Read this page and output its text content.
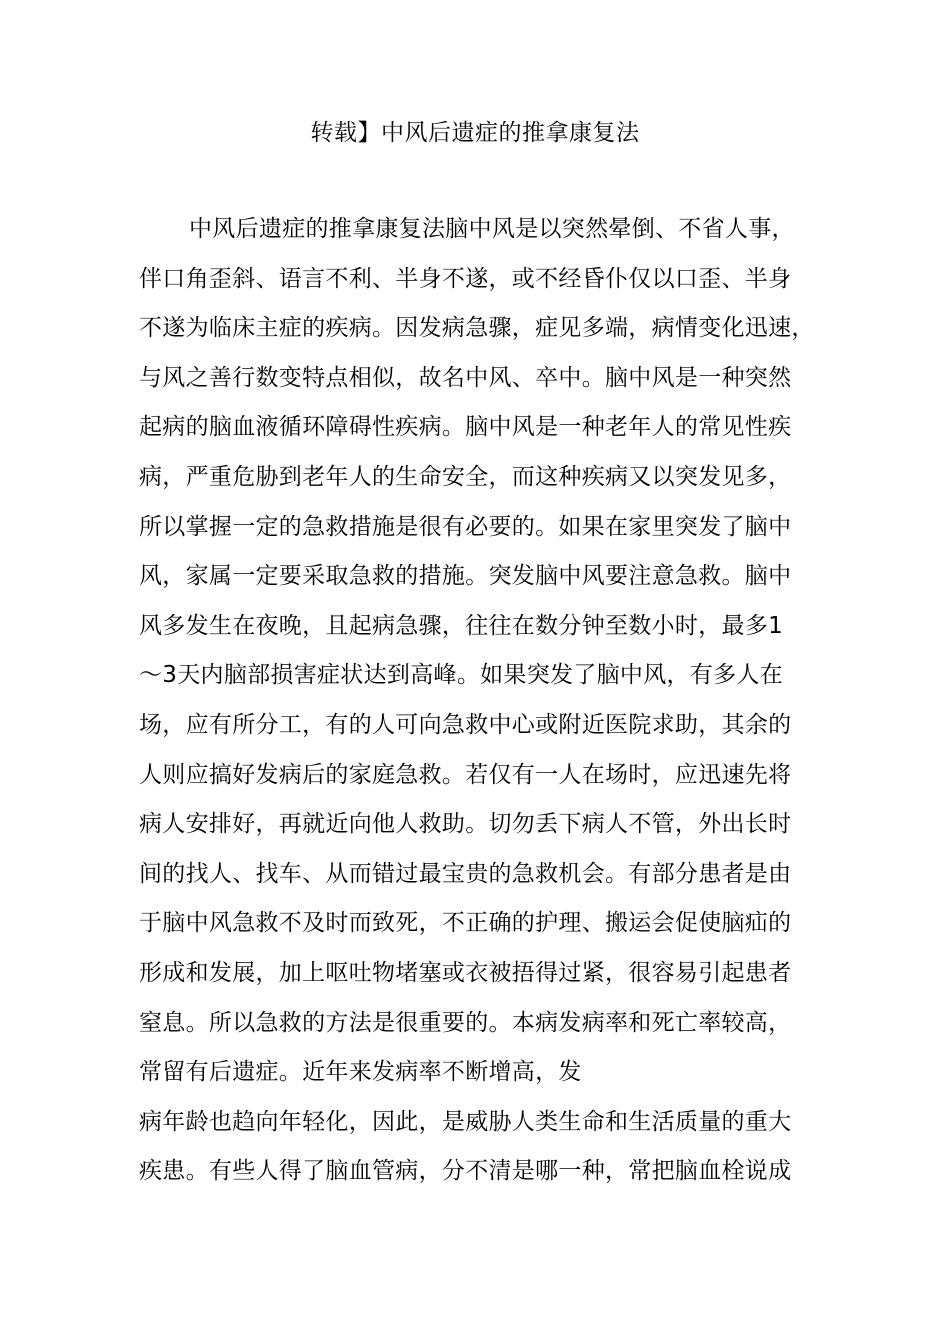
转载】中风后遗症的推拿康复法
中风后遗症的推拿康复法脑中风是以突然晕倒、不省人事，
伴口角歪斜、语言不利、半身不遂，或不经昏仆仅以口歪、半身
不遂为临床主症的疾病。因发病急骤，症见多端，病情变化迅速，
与风之善行数变特点相似，故名中风、卒中。脑中风是一种突然
起病的脑血液循环障碍性疾病。脑中风是一种老年人的常见性疾
病，严重危胁到老年人的生命安全，而这种疾病又以突发见多，
所以掌握一定的急救措施是很有必要的。如果在家里突发了脑中
风，家属一定要采取急救的措施。突发脑中风要注意急救。脑中
风多发生在夜晚，且起病急骤，往往在数分钟至数小时，最多1
〜3天内脑部损害症状达到高峰。如果突发了脑中风，有多人在
场，应有所分工，有的人可向急救中心或附近医院求助，其余的
人则应搞好发病后的家庭急救。若仅有一人在场时，应迅速先将
病人安排好，再就近向他人救助。切勿丢下病人不管，外出长时
间的找人、找车、从而错过最宝贵的急救机会。有部分患者是由
于脑中风急救不及时而致死，不正确的护理、搬运会促使脑疝的
形成和发展，加上呕吐物堵塞或衣被捂得过紧，很容易引起患者
窒息。所以急救的方法是很重要的。本病发病率和死亡率较高，
常留有后遗症。近年来发病率不断增高，发
病年龄也趋向年轻化，因此，是威胁人类生命和生活质量的重大
疾患。有些人得了脑血管病，分不清是哪一种，常把脑血栓说成
